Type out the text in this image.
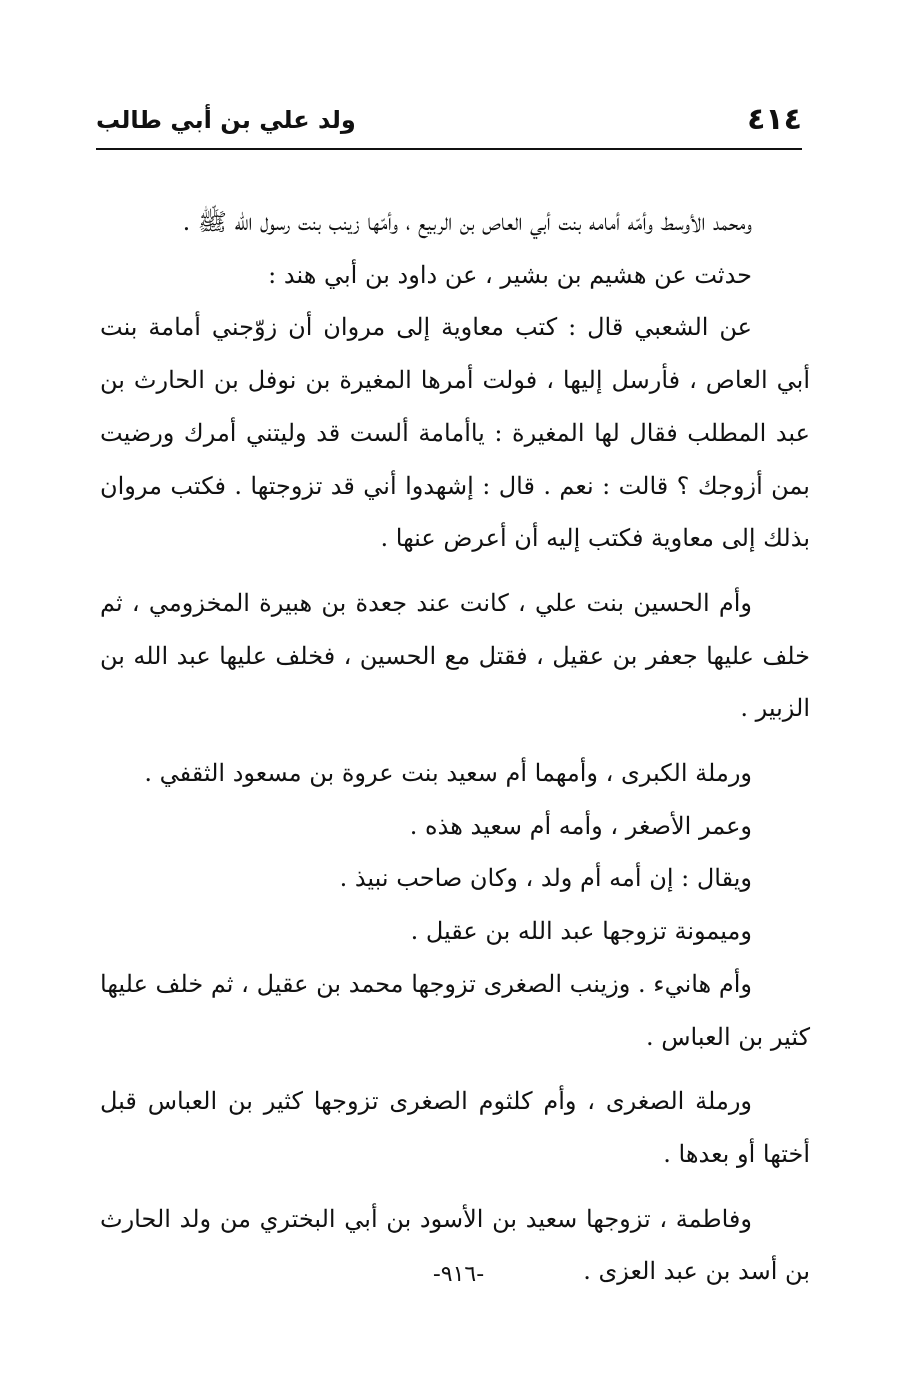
٤١٤
ولد علي بن أبي طالب

ومحمد الأوسط وأمّه أمامه بنت أبي العاص بن الربيع ، وأمّها زينب بنت رسول الله ﷺ .

حدثت عن هشيم بن بشير ، عن داود بن أبي هند :

عن الشعبي قال : كتب معاوية إلى مروان أن زوّجني أمامة بنت أبي العاص ، فأرسل إليها ، فولت أمرها المغيرة بن نوفل بن الحارث بن عبد المطلب فقال لها المغيرة : ياأمامة ألست قد وليتني أمرك ورضيت بمن أزوجك ؟ قالت : نعم . قال : إشهدوا أني قد تزوجتها . فكتب مروان بذلك إلى معاوية فكتب إليه أن أعرض عنها .

وأم الحسين بنت علي ، كانت عند جعدة بن هبيرة المخزومي ، ثم خلف عليها جعفر بن عقيل ، فقتل مع الحسين ، فخلف عليها عبد الله بن الزبير .

ورملة الكبرى ، وأمهما أم سعيد بنت عروة بن مسعود الثقفي .

وعمر الأصغر ، وأمه أم سعيد هذه .

ويقال : إن أمه أم ولد ، وكان صاحب نبيذ .

وميمونة تزوجها عبد الله بن عقيل .

وأم هانيء . وزينب الصغرى تزوجها محمد بن عقيل ، ثم خلف عليها كثير بن العباس .

ورملة الصغرى ، وأم كلثوم الصغرى تزوجها كثير بن العباس قبل أختها أو بعدها .

وفاطمة ، تزوجها سعيد بن الأسود بن أبي البختري من ولد الحارث بن أسد بن عبد العزى .

-٩١٦-
